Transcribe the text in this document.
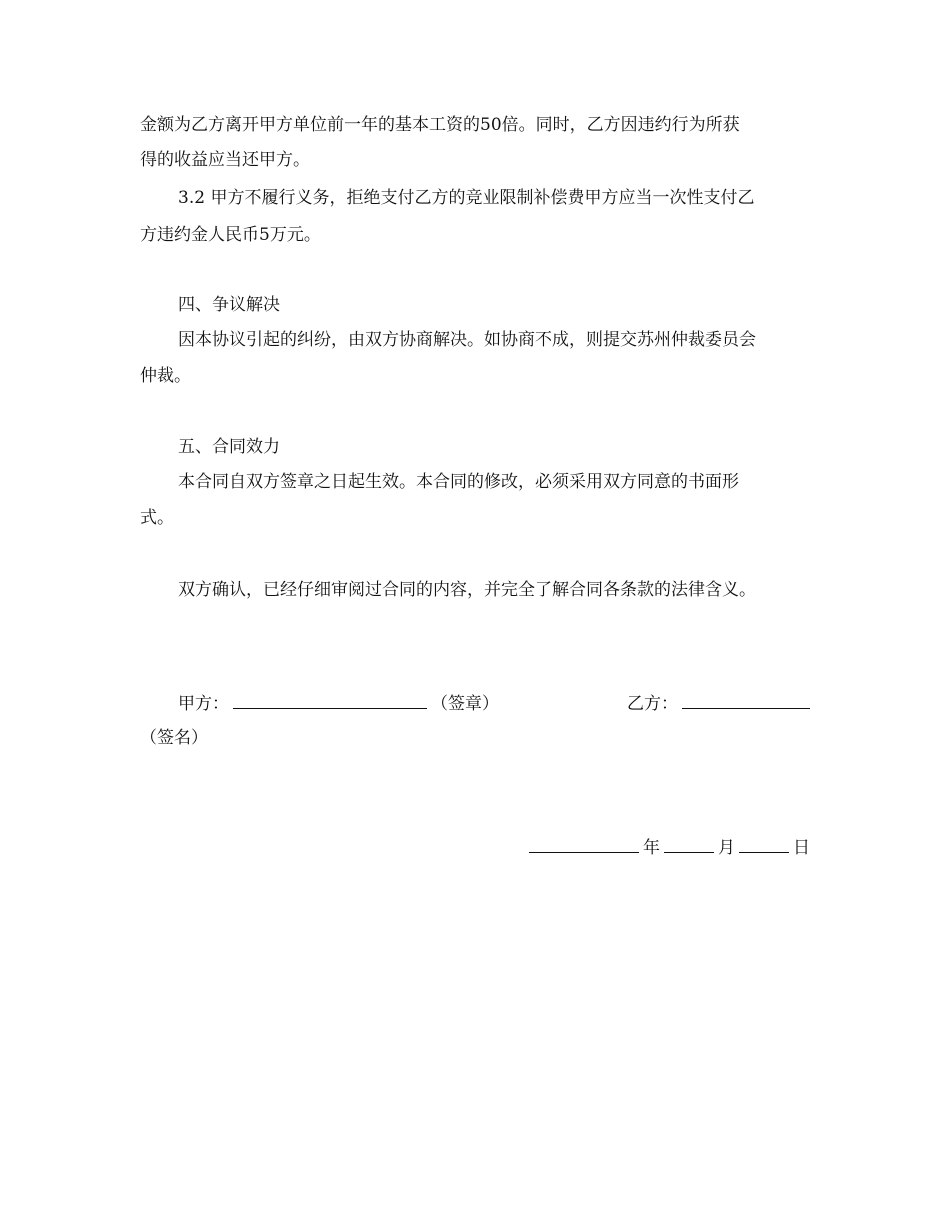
金额为乙方离开甲方单位前一年的基本工资的50倍。同时，乙方因违约行为所获
得的收益应当还甲方。
3.2 甲方不履行义务，拒绝支付乙方的竞业限制补偿费甲方应当一次性支付乙
方违约金人民币5万元。
四、争议解决
因本协议引起的纠纷，由双方协商解决。如协商不成，则提交苏州仲裁委员会
仲裁。
五、合同效力
本合同自双方签章之日起生效。本合同的修改，必须采用双方同意的书面形
式。
双方确认，已经仔细审阅过合同的内容，并完全了解合同各条款的法律含义。
甲方：	（签章）	乙方：
（签名）
年	月	日
